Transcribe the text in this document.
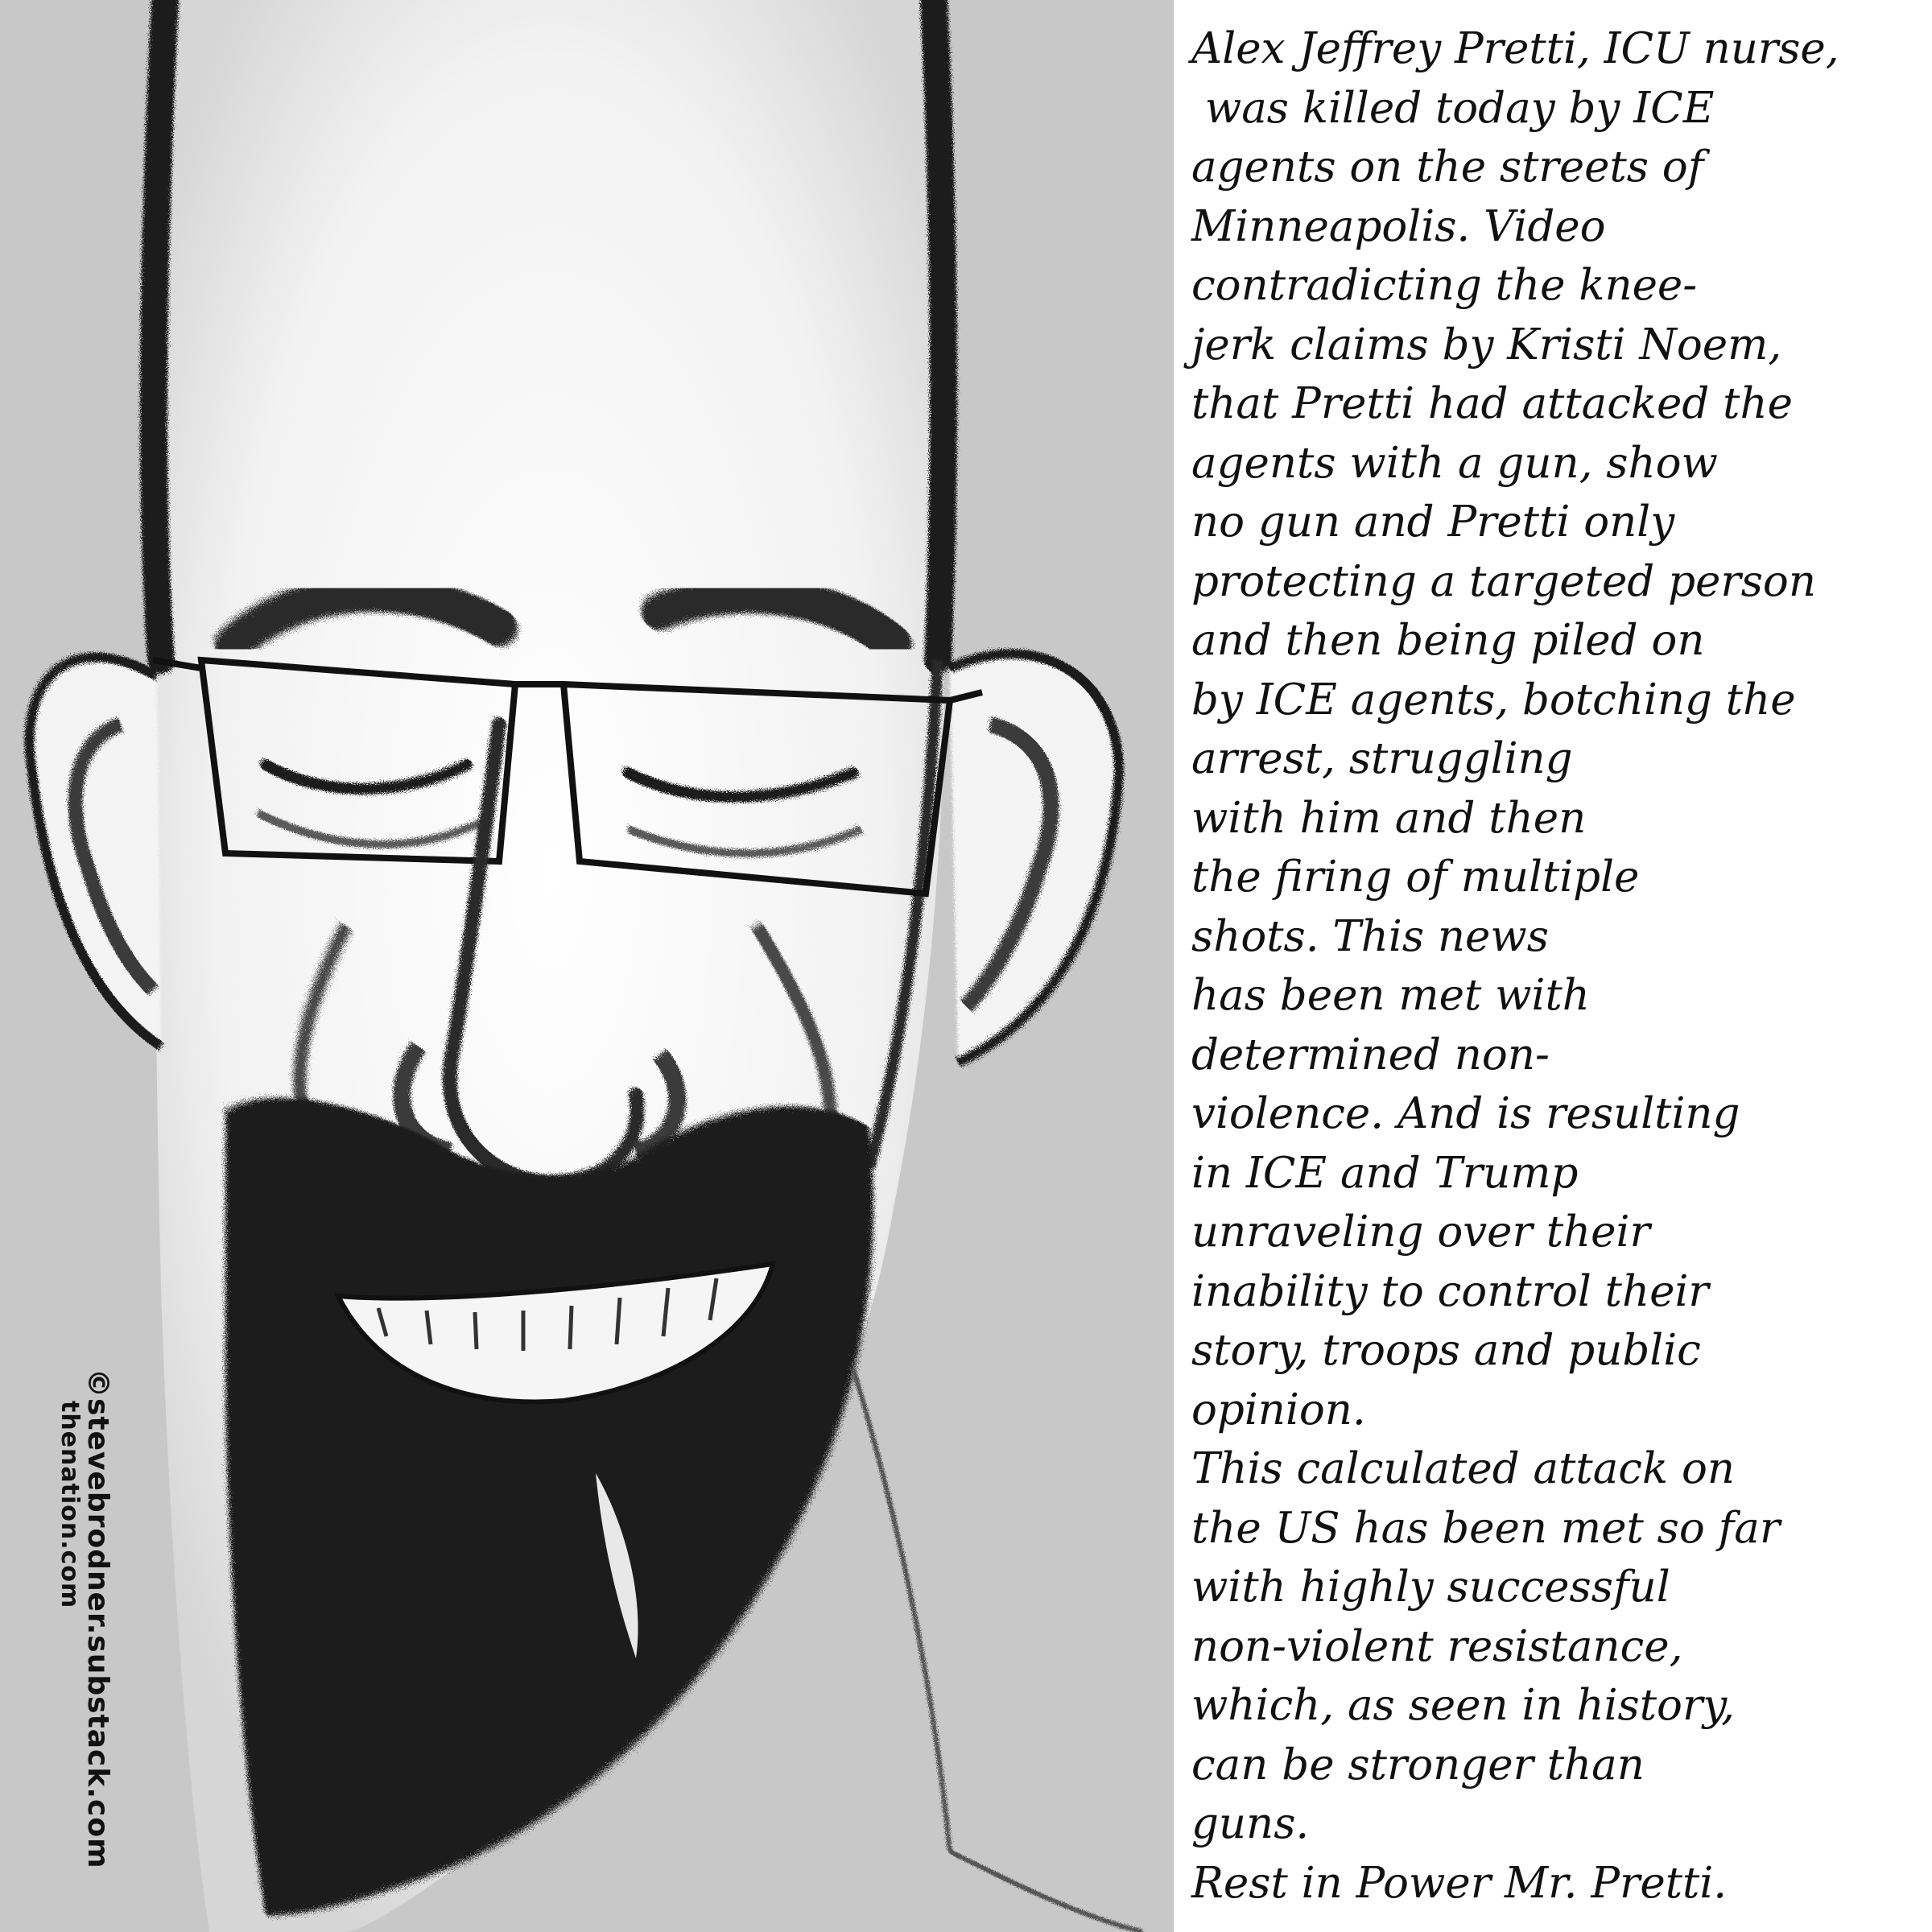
©stevebrodner.substack.com
thenation.com
Alex Jeffrey Pretti, ICU nurse,
was killed today by ICE
agents on the streets of
Minneapolis. Video
contradicting the knee-
jerk claims by Kristi Noem,
that Pretti had attacked the
agents with a gun, show
no gun and Pretti only
protecting a targeted person
and then being piled on
by ICE agents, botching the
arrest, struggling
with him and then
the firing of multiple
shots. This news
has been met with
determined non-
violence. And is resulting
in ICE and Trump
unraveling over their
inability to control their
story, troops and public
opinion.
This calculated attack on
the US has been met so far
with highly successful
non-violent resistance,
which, as seen in history,
can be stronger than
guns.
Rest in Power Mr. Pretti.
